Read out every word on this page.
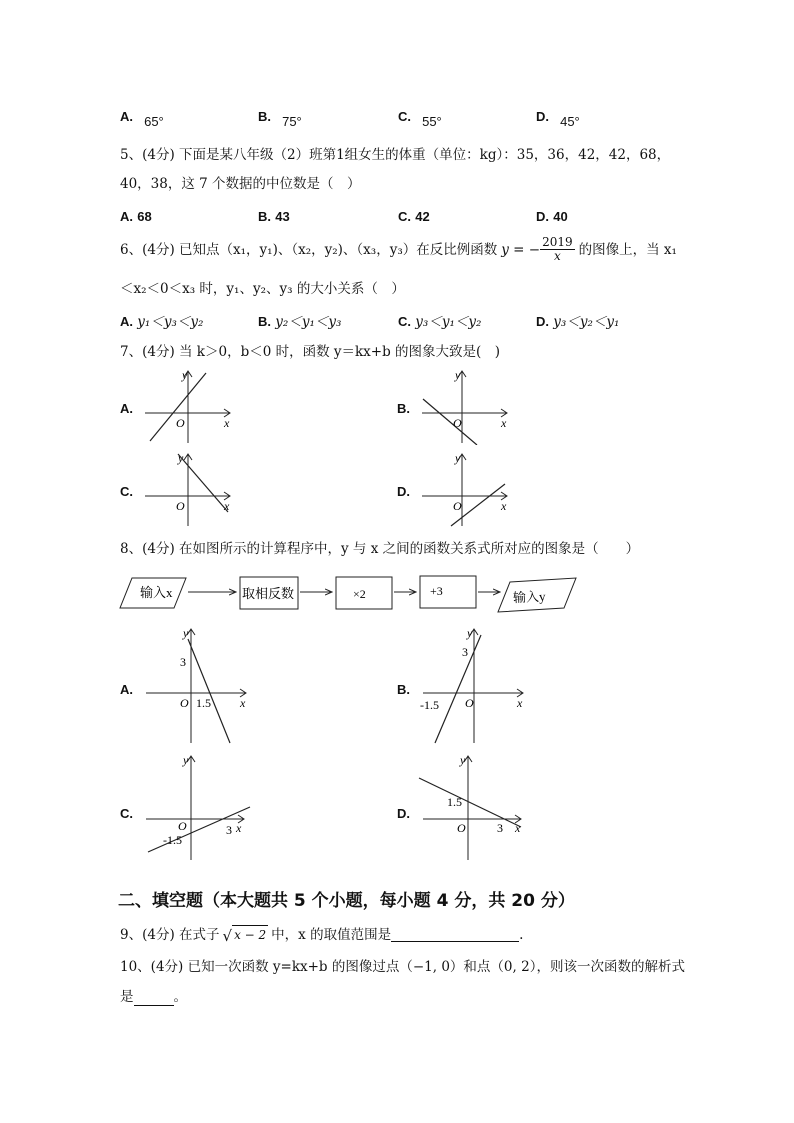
A. $_{65^\circ}$	B. $_{75^\circ}$	C. $_{55^\circ}$	D. $_{45^\circ}$
5、(4分) 下面是某八年级（2）班第1组女生的体重（单位：kg）：35，36，42，42，68，
40，38，这 7 个数据的中位数是（　）
A. 68	B. 43	C. 42	D. 40
6、(4分) 已知点（x₁，y₁)、（x₂，y₂)、（x₃，y₃）在反比例函数 y = − $\frac{2019}{x}$ 的图像上，当 x₁
＜x₂＜0＜x₃ 时，y₁、y₂、y₃ 的大小关系（　）
A. y₁＜y₃＜y₂	B. y₂＜y₁＜y₃	C. y₃＜y₁＜y₂	D. y₃＜y₂＜y₁
7、(4分) 当 k＞0，b＜0 时，函数 y＝kx+b 的图象大致是(　)
A.
y
x
O
B.
y
x
O
C.
y
x
O
D.
y
x
O
8、(4分) 在如图所示的计算程序中，y 与 x 之间的函数关系式所对应的图象是（　　）
输入x	取相反数	×2	+3	输入y
A.
y
3
x
O 1.5
B.
y
3
x
O
-1.5
C.
y
x
O	3
-1.5
D.
y
1.5
x
O	3
二、填空题（本大题共 5 个小题，每小题 4 分，共 20 分）
9、(4分) 在式子 √ x − 2 中，x 的取值范围是	.
10、(4分) 已知一次函数 y=kx+b 的图像过点（−1, 0）和点（0, 2），则该一次函数的解析式
是	。
